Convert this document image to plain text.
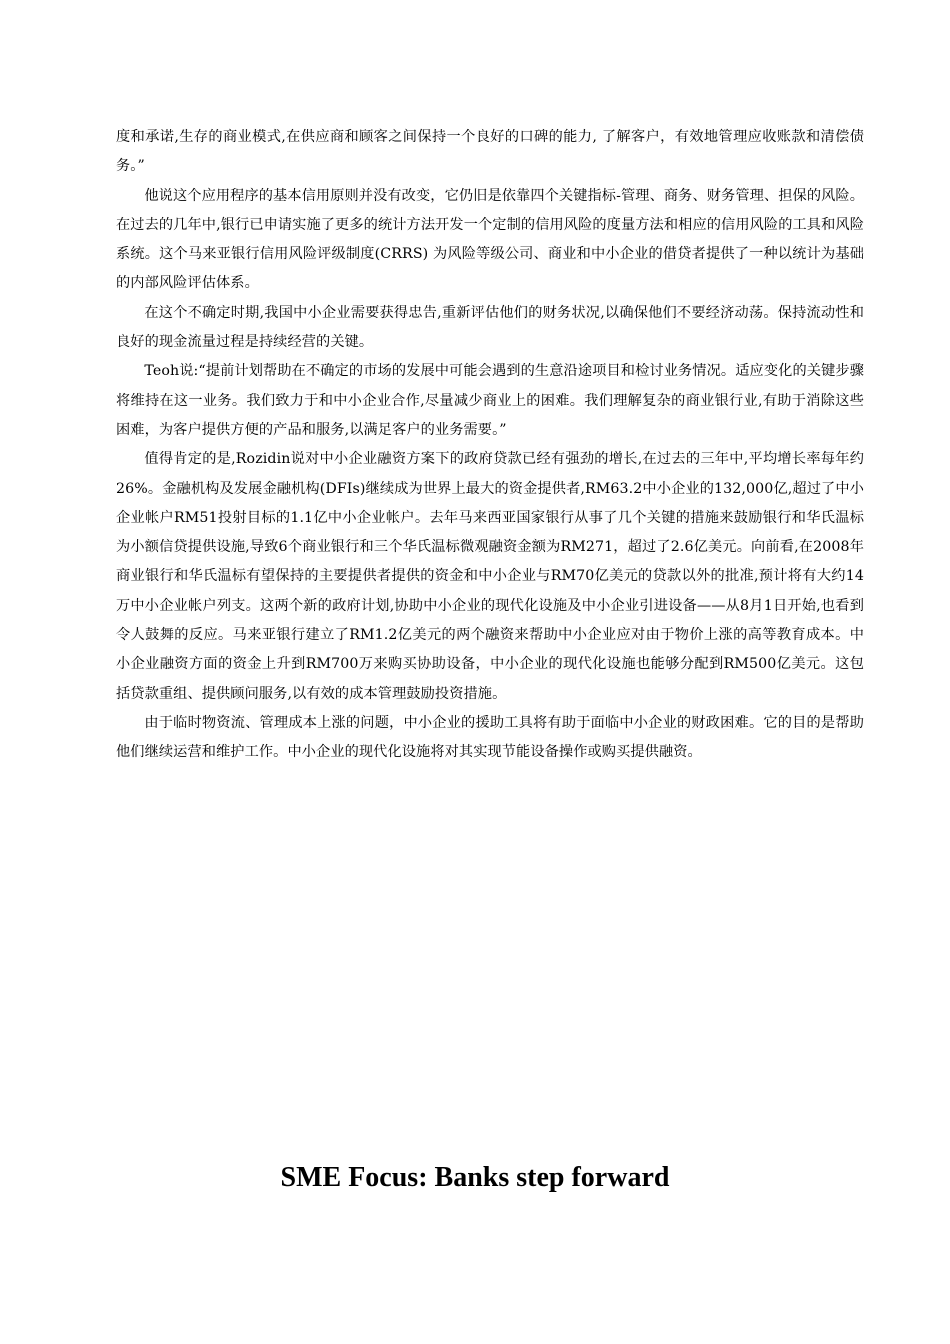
度和承诺,生存的商业模式,在供应商和顾客之间保持一个良好的口碑的能力, 了解客户，有效地管理应收账款和清偿债务。”

他说这个应用程序的基本信用原则并没有改变，它仍旧是依靠四个关键指标-管理、商务、财务管理、担保的风险。在过去的几年中,银行已申请实施了更多的统计方法开发一个定制的信用风险的度量方法和相应的信用风险的工具和风险系统。这个马来亚银行信用风险评级制度(CRRS) 为风险等级公司、商业和中小企业的借贷者提供了一种以统计为基础的内部风险评估体系。

在这个不确定时期,我国中小企业需要获得忠告,重新评估他们的财务状况,以确保他们不要经济动荡。保持流动性和良好的现金流量过程是持续经营的关键。

Teoh说:“提前计划帮助在不确定的市场的发展中可能会遇到的生意沿途项目和检讨业务情况。适应变化的关键步骤将维持在这一业务。我们致力于和中小企业合作,尽量减少商业上的困难。我们理解复杂的商业银行业,有助于消除这些困难，为客户提供方便的产品和服务,以满足客户的业务需要。”

值得肯定的是,Rozidin说对中小企业融资方案下的政府贷款已经有强劲的增长,在过去的三年中,平均增长率每年约26%。金融机构及发展金融机构(DFIs)继续成为世界上最大的资金提供者,RM63.2中小企业的132,000亿,超过了中小企业帐户RM51投射目标的1.1亿中小企业帐户。去年马来西亚国家银行从事了几个关键的措施来鼓励银行和华氏温标为小额信贷提供设施,导致6个商业银行和三个华氏温标微观融资金额为RM271，超过了2.6亿美元。向前看,在2008年商业银行和华氏温标有望保持的主要提供者提供的资金和中小企业与RM70亿美元的贷款以外的批准,预计将有大约14万中小企业帐户列支。这两个新的政府计划,协助中小企业的现代化设施及中小企业引进设备——从8月1日开始,也看到令人鼓舞的反应。马来亚银行建立了RM1.2亿美元的两个融资来帮助中小企业应对由于物价上涨的高等教育成本。中小企业融资方面的资金上升到RM700万来购买协助设备，中小企业的现代化设施也能够分配到RM500亿美元。这包括贷款重组、提供顾问服务,以有效的成本管理鼓励投资措施。

由于临时物资流、管理成本上涨的问题，中小企业的援助工具将有助于面临中小企业的财政困难。它的目的是帮助他们继续运营和维护工作。中小企业的现代化设施将对其实现节能设备操作或购买提供融资。

SME Focus: Banks step forward
